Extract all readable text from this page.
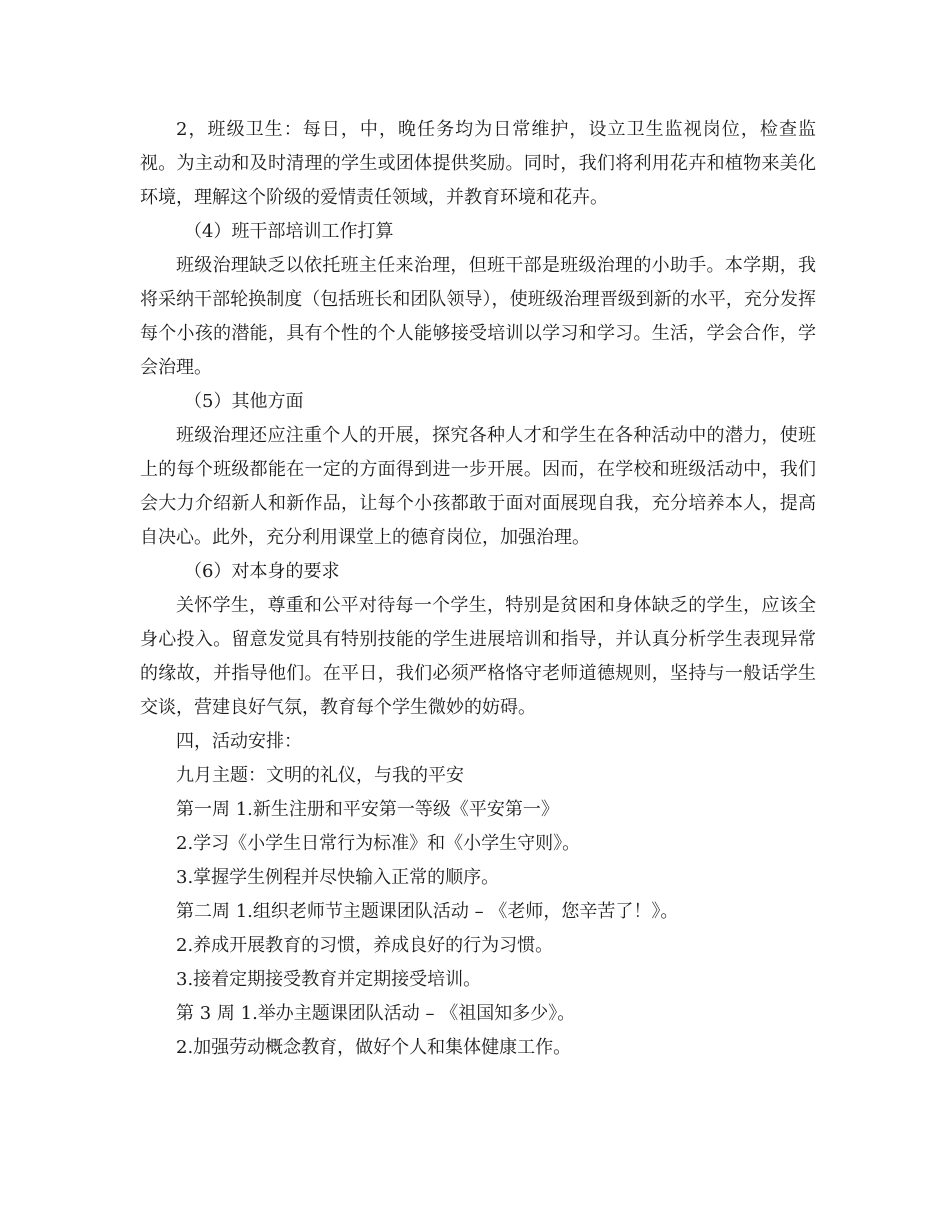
2，班级卫生：每日，中，晚任务均为日常维护，设立卫生监视岗位，检查监视。为主动和及时清理的学生或团体提供奖励。同时，我们将利用花卉和植物来美化环境，理解这个阶级的爱情责任领域，并教育环境和花卉。

（4）班干部培训工作打算

班级治理缺乏以依托班主任来治理，但班干部是班级治理的小助手。本学期，我将采纳干部轮换制度（包括班长和团队领导），使班级治理晋级到新的水平，充分发挥每个小孩的潜能，具有个性的个人能够接受培训以学习和学习。生活，学会合作，学会治理。

（5）其他方面

班级治理还应注重个人的开展，探究各种人才和学生在各种活动中的潜力，使班上的每个班级都能在一定的方面得到进一步开展。因而，在学校和班级活动中，我们会大力介绍新人和新作品，让每个小孩都敢于面对面展现自我，充分培养本人，提高自决心。此外，充分利用课堂上的德育岗位，加强治理。

（6）对本身的要求

关怀学生，尊重和公平对待每一个学生，特别是贫困和身体缺乏的学生，应该全身心投入。留意发觉具有特别技能的学生进展培训和指导，并认真分析学生表现异常的缘故，并指导他们。在平日，我们必须严格恪守老师道德规则，坚持与一般话学生交谈，营建良好气氛，教育每个学生微妙的妨碍。

四，活动安排：

九月主题：文明的礼仪，与我的平安

第一周 1.新生注册和平安第一等级《平安第一》

2.学习《小学生日常行为标准》和《小学生守则》。

3.掌握学生例程并尽快输入正常的顺序。

第二周 1.组织老师节主题课团队活动 – 《老师，您辛苦了！》。

2.养成开展教育的习惯，养成良好的行为习惯。

3.接着定期接受教育并定期接受培训。

第 3 周 1.举办主题课团队活动 – 《祖国知多少》。

2.加强劳动概念教育，做好个人和集体健康工作。
